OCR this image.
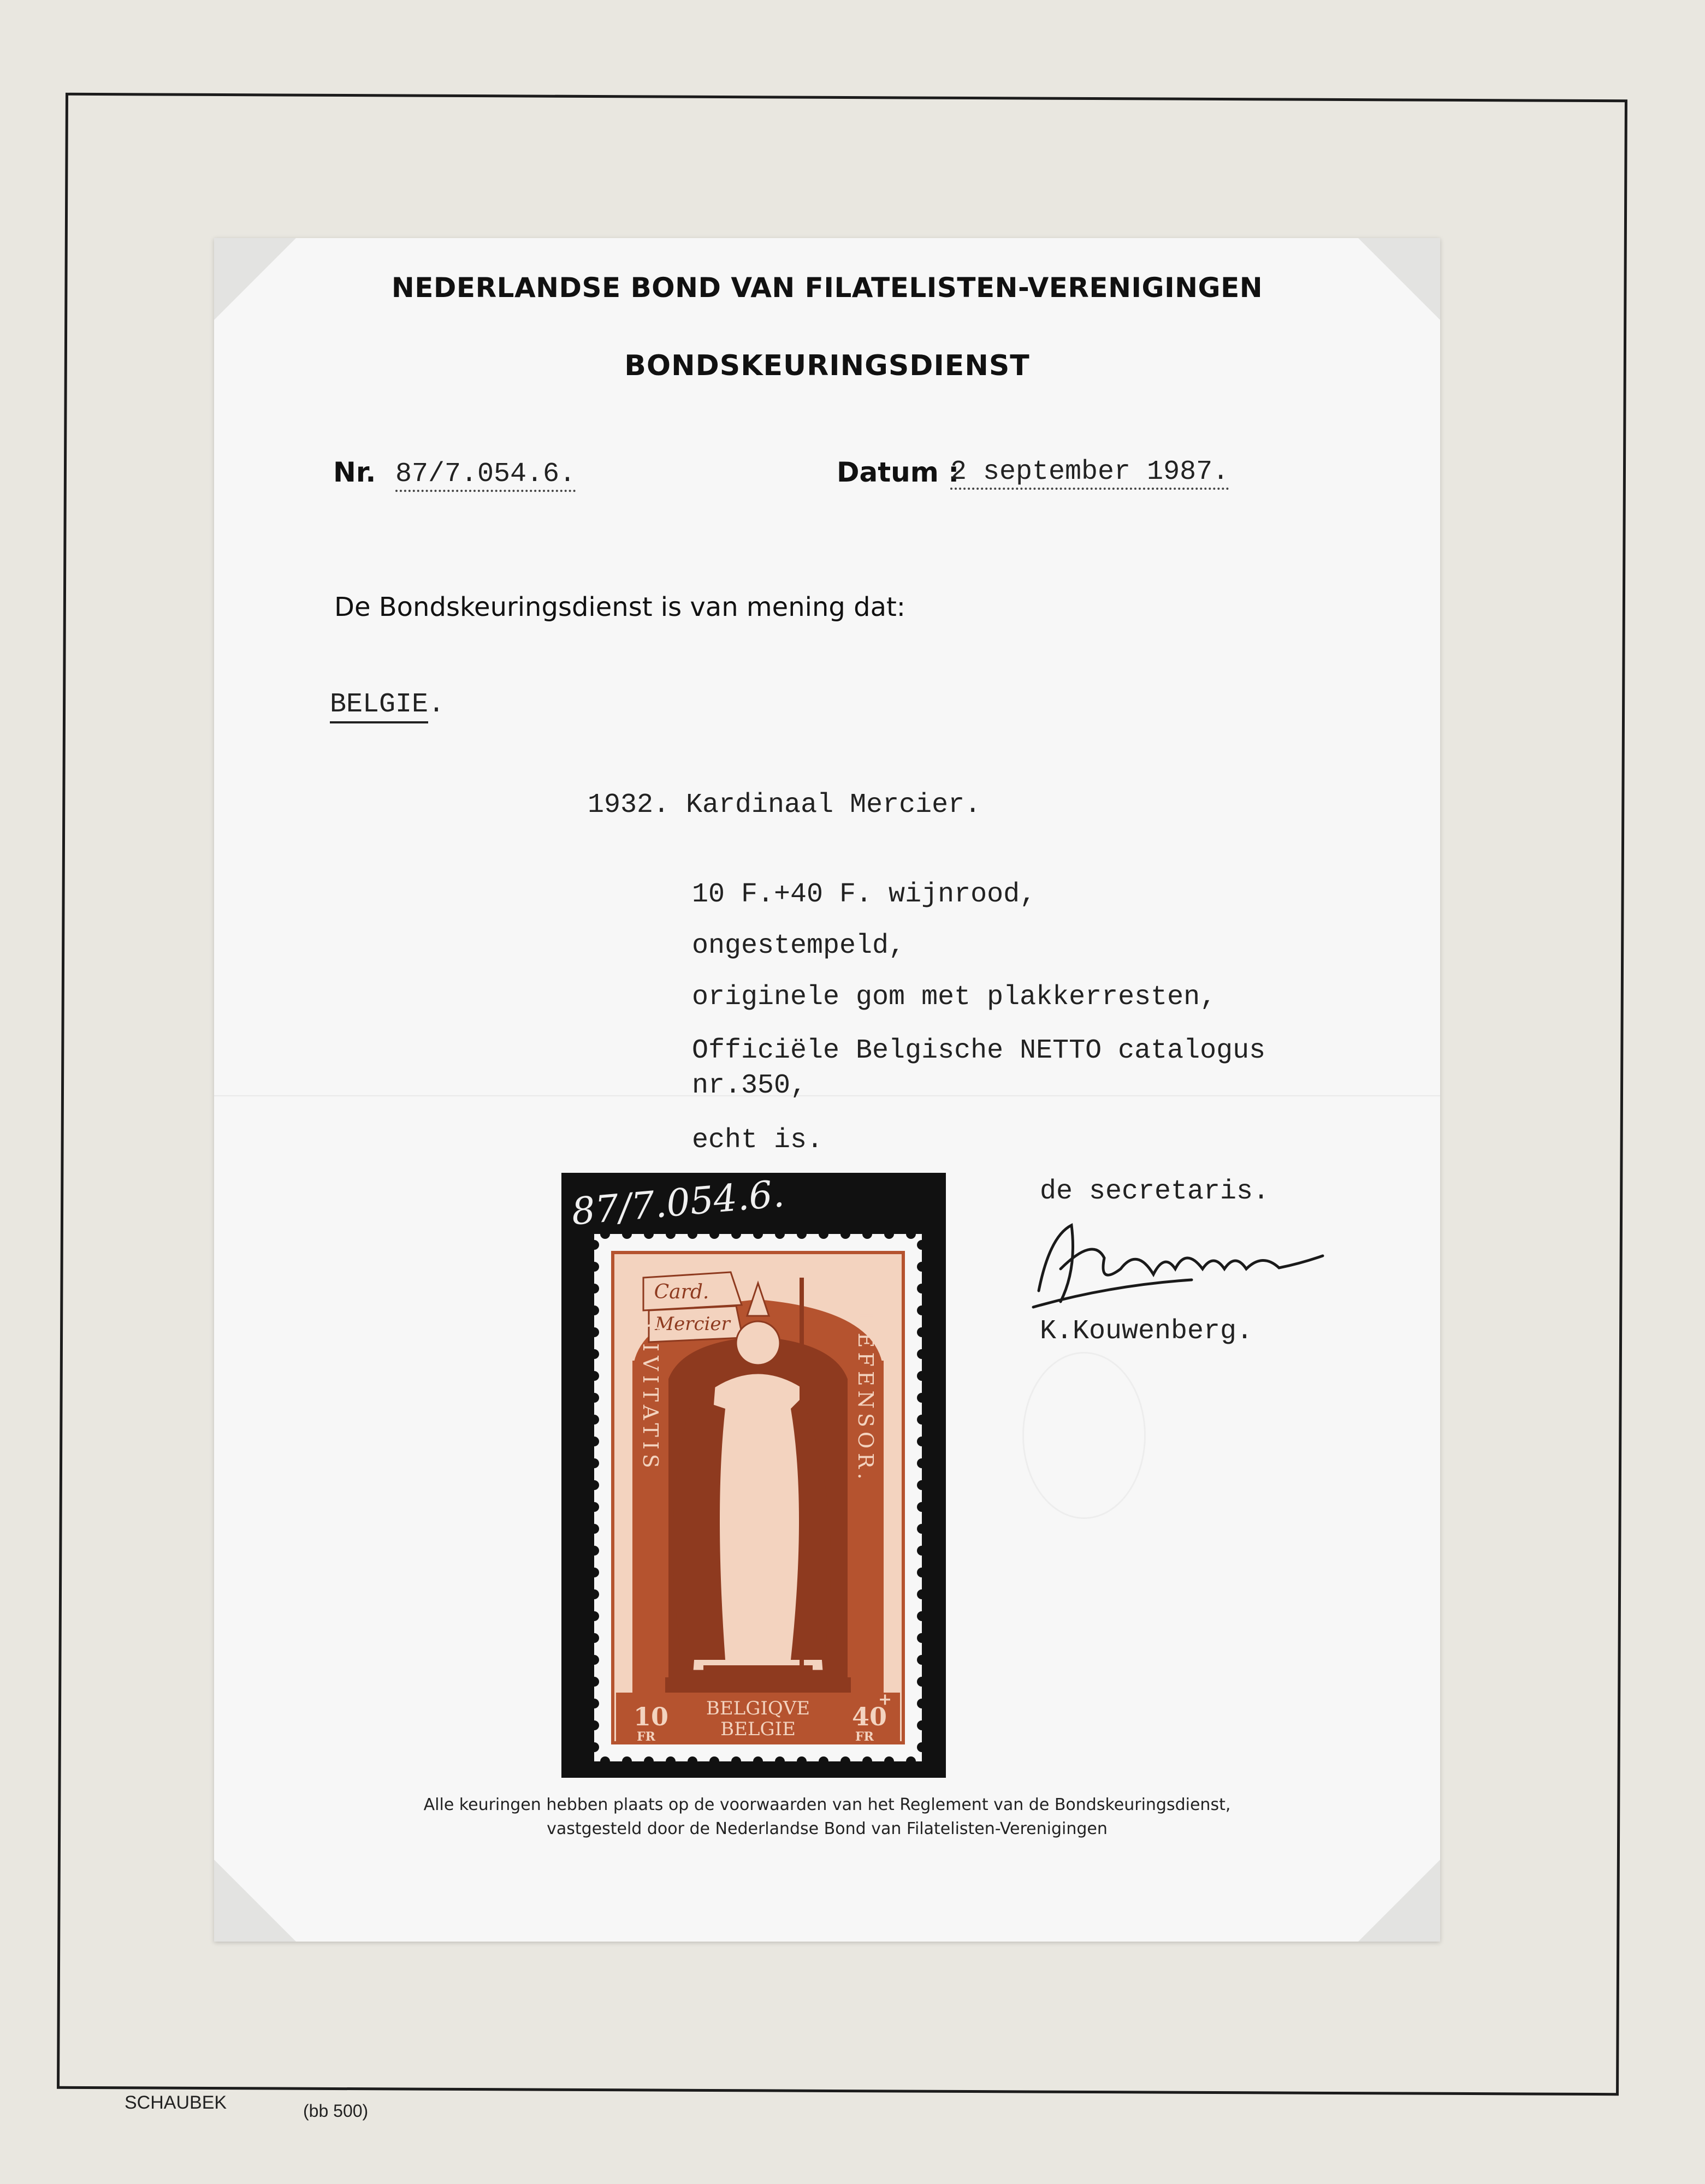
NEDERLANDSE BOND VAN FILATELISTEN-VERENIGINGEN
BONDSKEURINGSDIENST
Nr. 87/7.054.6.	Datum :
2 september 1987.
De Bondskeuringsdienst is van mening dat:
BELGIE.
1932. Kardinaal Mercier.
10 F.+40 F. wijnrood,
ongestempeld,
originele gom met plakkerresten,
Officiële Belgische NETTO catalogus
nr.350,
echt is.
87/7.054.6.
Card.
Mercier
CIVITATIS	DEFENSOR.
10
FR
BELGIQVE
BELGIE
+
40
FR
de secretaris.
K.Kouwenberg.
Alle keuringen hebben plaats op de voorwaarden van het Reglement van de Bondskeuringsdienst,
vastgesteld door de Nederlandse Bond van Filatelisten-Verenigingen
SCHAUBEK	(bb 500)
